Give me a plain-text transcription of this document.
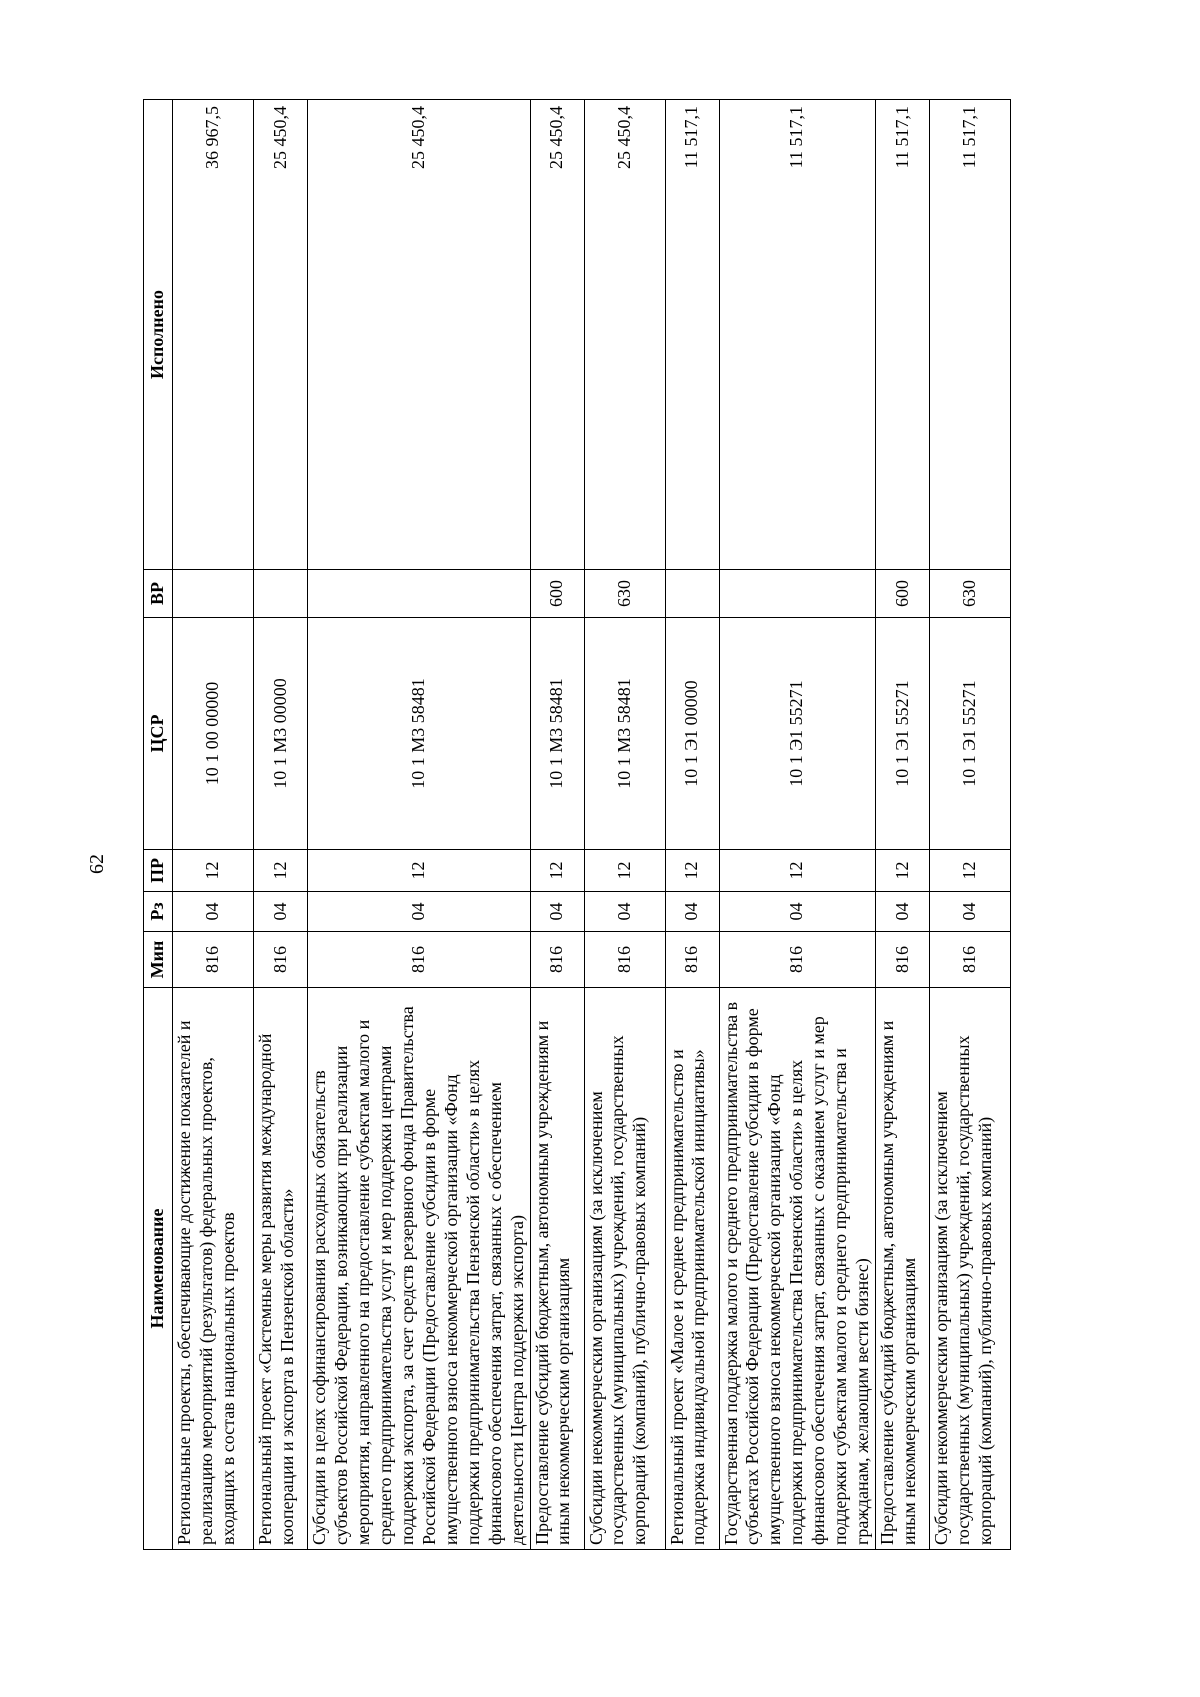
62
Наименование	Мин	Рз	ПР	ЦСР	ВР	Исполнено
Региональные проекты, обеспечивающие достижение показателей и реализацию мероприятий (результатов) федеральных проектов, входящих в состав национальных проектов	816	04	12	10 1 00 00000		36 967,5
Региональный проект «Системные меры развития международной кооперации и экспорта в Пензенской области»	816	04	12	10 1 М3 00000		25 450,4
Субсидии в целях софинансирования расходных обязательств субъектов Российской Федерации, возникающих при реализации мероприятия, направленного на предоставление субъектам малого и среднего предпринимательства услуг и мер поддержки центрами поддержки экспорта, за счет средств резервного фонда Правительства Российской Федерации (Предоставление субсидии в форме имущественного взноса некоммерческой организации «Фонд поддержки предпринимательства Пензенской области» в целях финансового обеспечения затрат, связанных с обеспечением деятельности Центра поддержки экспорта)	816	04	12	10 1 М3 58481		25 450,4
Предоставление субсидий бюджетным, автономным учреждениям и иным некоммерческим организациям	816	04	12	10 1 М3 58481	600	25 450,4
Субсидии некоммерческим организациям (за исключением государственных (муниципальных) учреждений, государственных корпораций (компаний), публично-правовых компаний)	816	04	12	10 1 М3 58481	630	25 450,4
Региональный проект «Малое и среднее предпринимательство и поддержка индивидуальной предпринимательской инициативы»	816	04	12	10 1 Э1 00000		11 517,1
Государственная поддержка малого и среднего предпринимательства в субъектах Российской Федерации (Предоставление субсидии в форме имущественного взноса некоммерческой организации «Фонд поддержки предпринимательства Пензенской области» в целях финансового обеспечения затрат, связанных с оказанием услуг и мер поддержки субъектам малого и среднего предпринимательства и гражданам, желающим вести бизнес)	816	04	12	10 1 Э1 55271		11 517,1
Предоставление субсидий бюджетным, автономным учреждениям и иным некоммерческим организациям	816	04	12	10 1 Э1 55271	600	11 517,1
Субсидии некоммерческим организациям (за исключением государственных (муниципальных) учреждений, государственных корпораций (компаний), публично-правовых компаний)	816	04	12	10 1 Э1 55271	630	11 517,1
